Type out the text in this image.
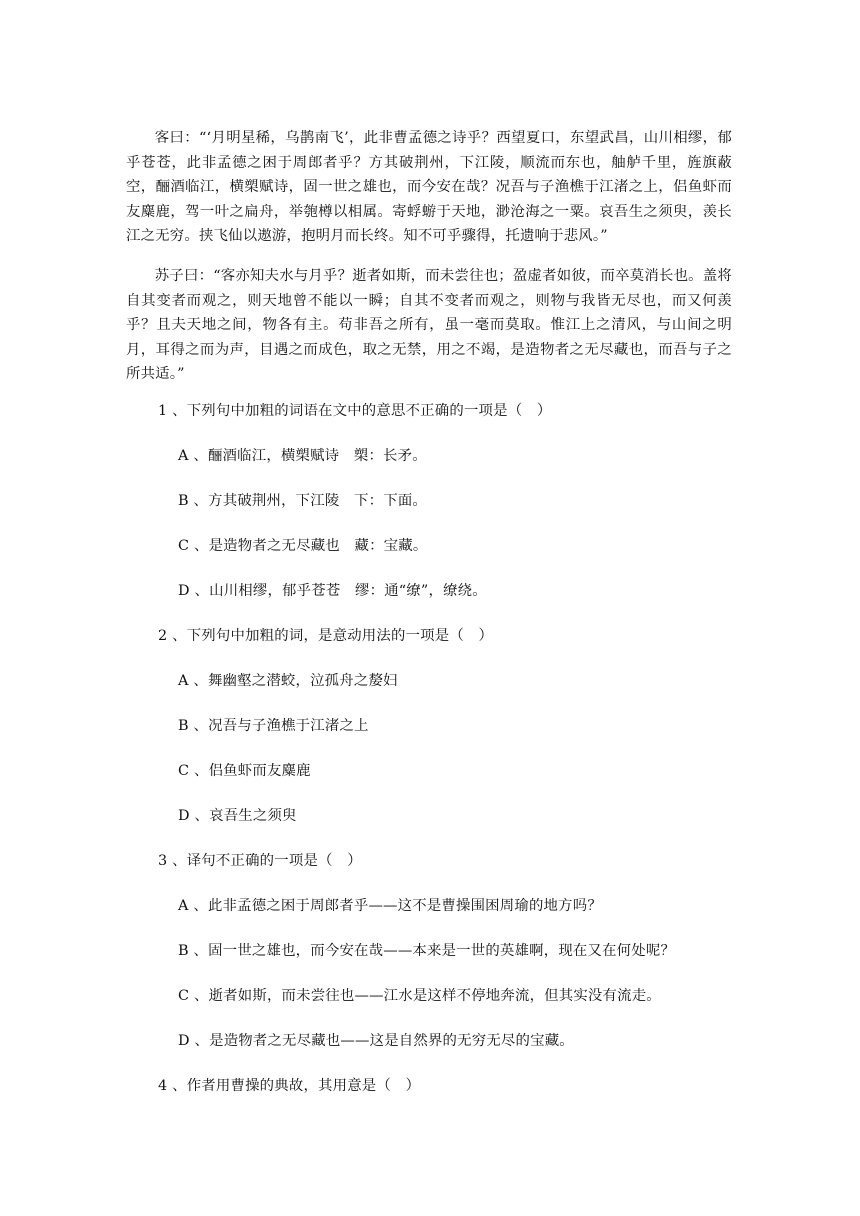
客曰：“‘月明星稀，乌鹊南飞’，此非曹孟德之诗乎？西望夏口，东望武昌，山川相缪，郁乎苍苍，此非孟德之困于周郎者乎？方其破荆州，下江陵，顺流而东也，舳舻千里，旌旗蔽空，酾酒临江，横槊赋诗，固一世之雄也，而今安在哉？况吾与子渔樵于江渚之上，侣鱼虾而友麋鹿，驾一叶之扁舟，举匏樽以相属。寄蜉蝣于天地，渺沧海之一粟。哀吾生之须臾，羡长江之无穷。挟飞仙以遨游，抱明月而长终。知不可乎骤得，托遗响于悲风。”

苏子曰：“客亦知夫水与月乎？逝者如斯，而未尝往也；盈虚者如彼，而卒莫消长也。盖将自其变者而观之，则天地曾不能以一瞬；自其不变者而观之，则物与我皆无尽也，而又何羡乎？且夫天地之间，物各有主。苟非吾之所有，虽一毫而莫取。惟江上之清风，与山间之明月，耳得之而为声，目遇之而成色，取之无禁，用之不竭，是造物者之无尽藏也，而吾与子之所共适。”

1 、下列句中加粗的词语在文中的意思不正确的一项是（　）

A 、酾酒临江，横槊赋诗　槊：长矛。

B 、方其破荆州，下江陵　下：下面。

C 、是造物者之无尽藏也　藏：宝藏。

D 、山川相缪，郁乎苍苍　缪：通“缭”，缭绕。

2 、下列句中加粗的词，是意动用法的一项是（　）

A 、舞幽壑之潜蛟，泣孤舟之嫠妇

B 、况吾与子渔樵于江渚之上

C 、侣鱼虾而友麋鹿

D 、哀吾生之须臾

3 、译句不正确的一项是（　）

A 、此非孟德之困于周郎者乎——这不是曹操围困周瑜的地方吗？

B 、固一世之雄也，而今安在哉——本来是一世的英雄啊，现在又在何处呢？

C 、逝者如斯，而未尝往也——江水是这样不停地奔流，但其实没有流走。

D 、是造物者之无尽藏也——这是自然界的无穷无尽的宝藏。

4 、作者用曹操的典故，其用意是（　）
